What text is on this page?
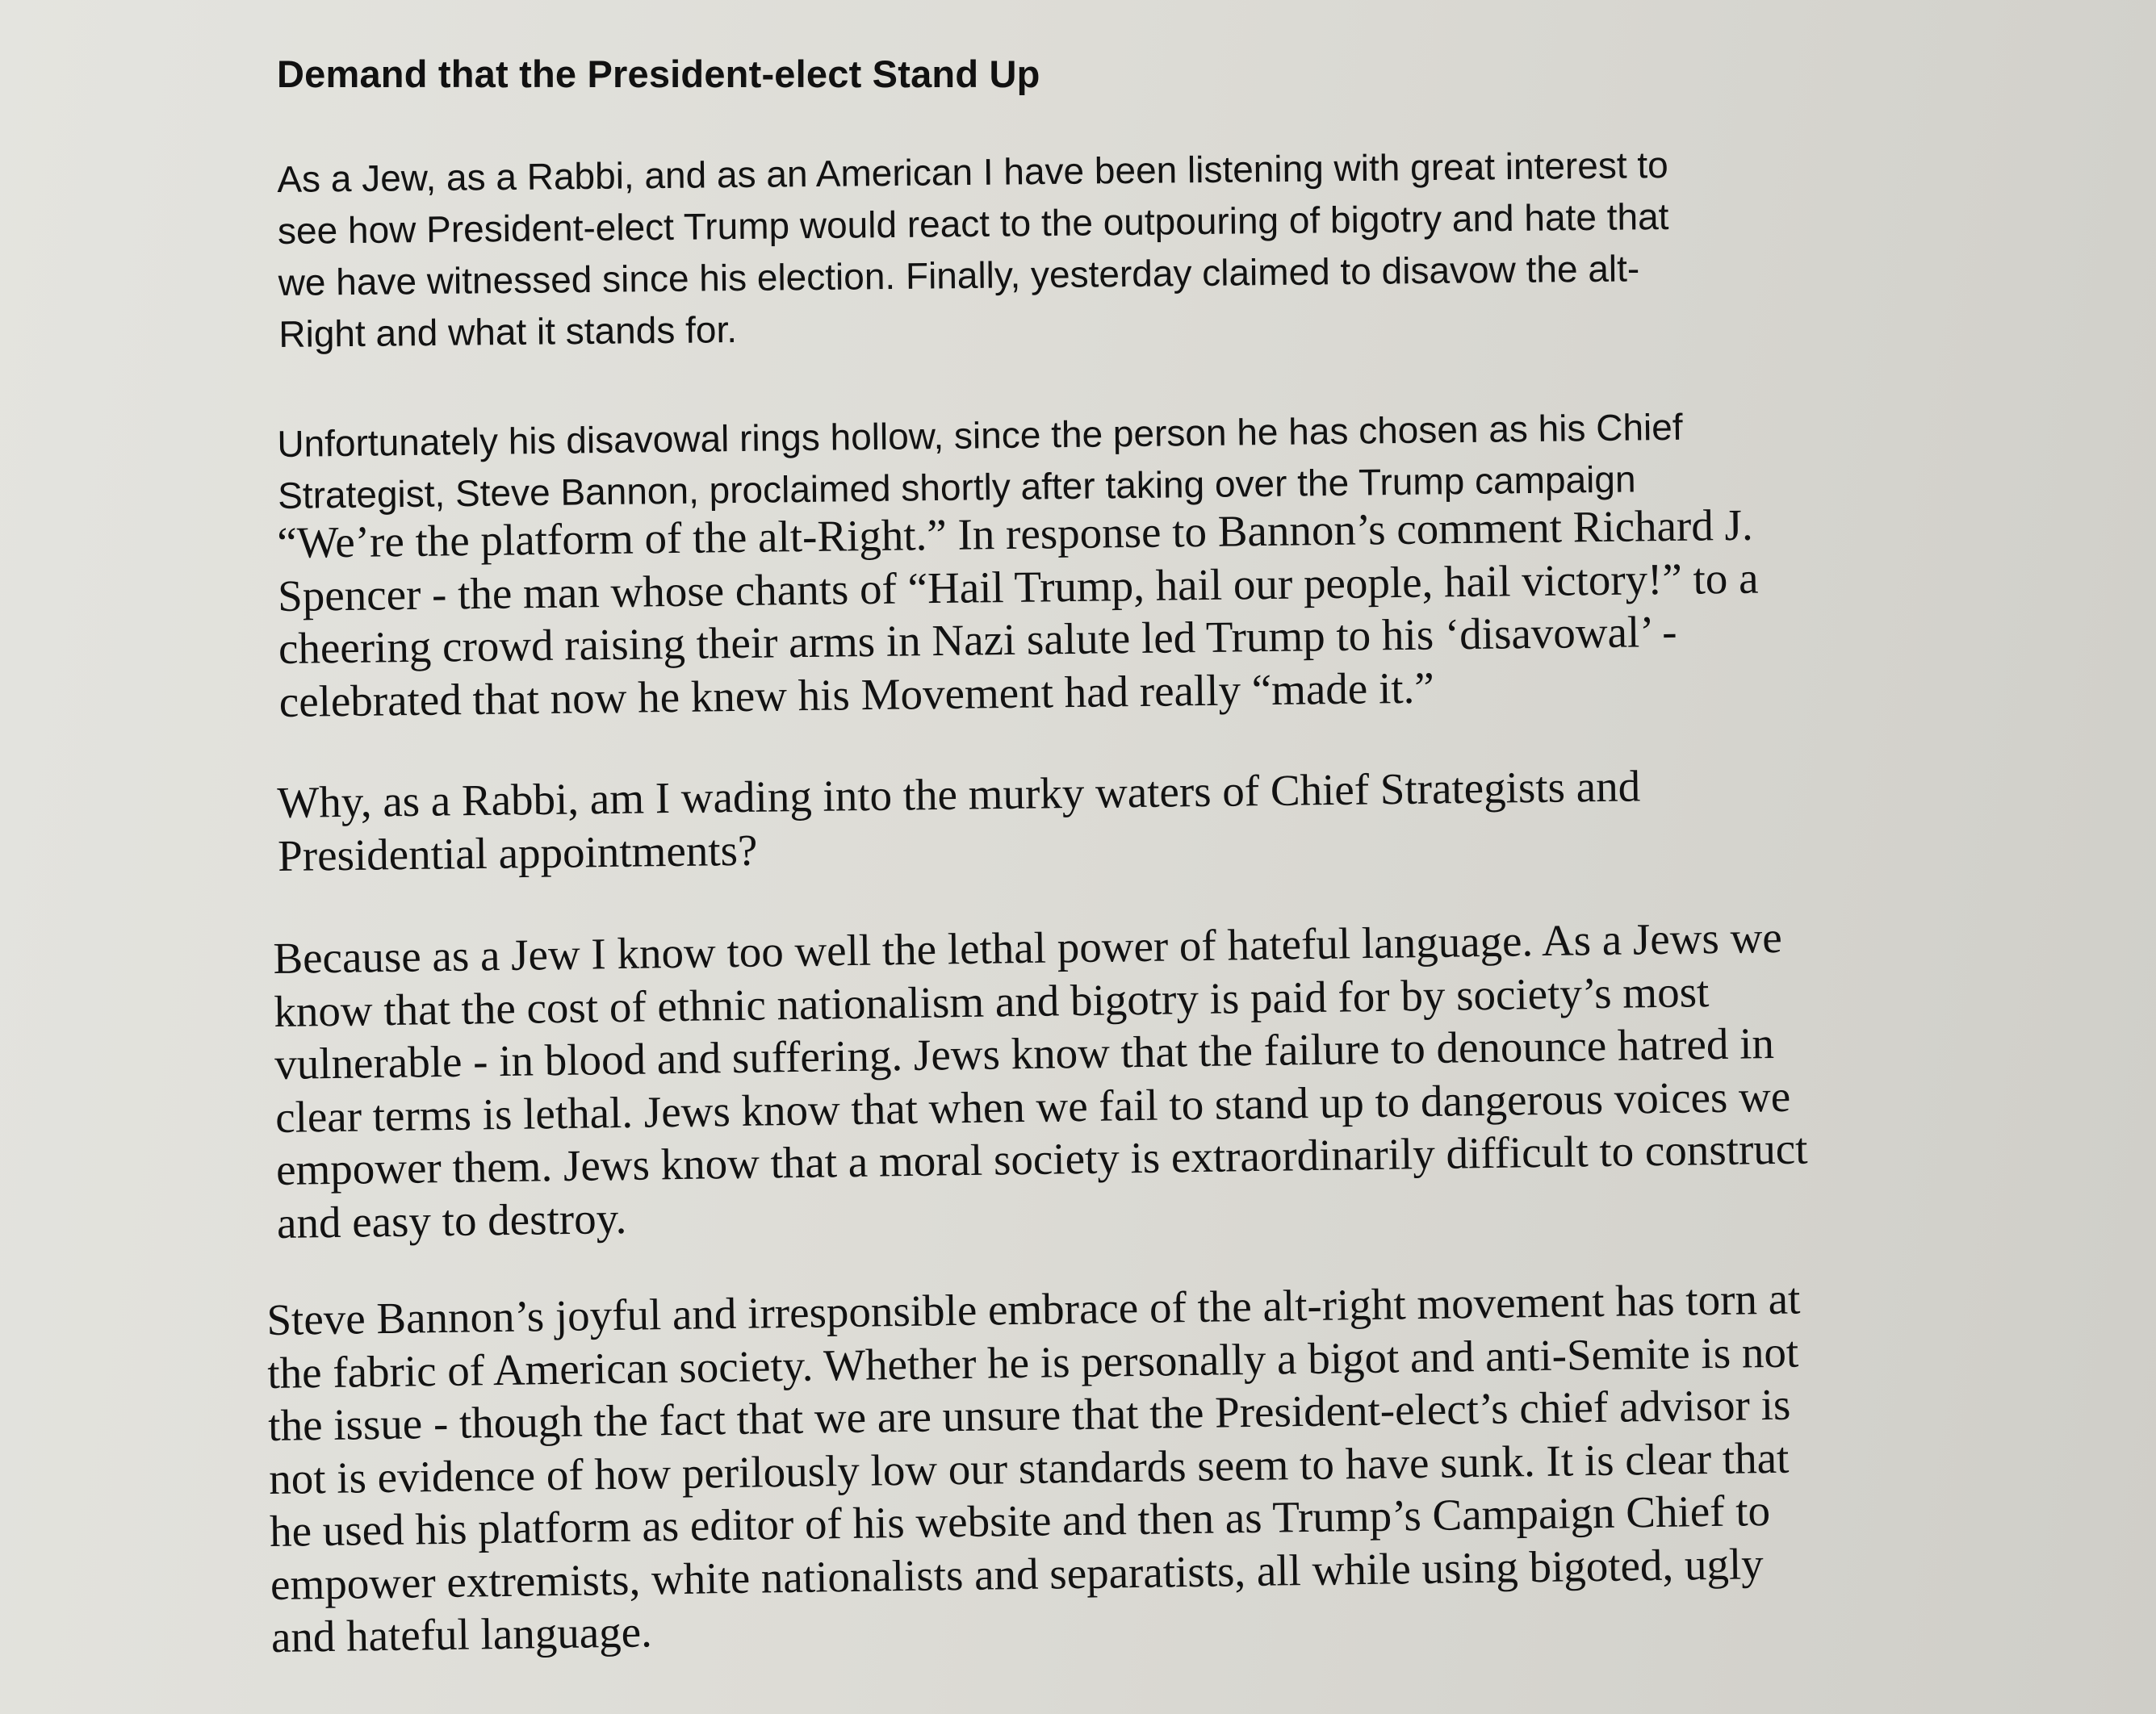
Demand that the President-elect Stand Up
As a Jew, as a Rabbi, and as an American I have been listening with great interest to
see how President-elect Trump would react to the outpouring of bigotry and hate that
we have witnessed since his election. Finally, yesterday claimed to disavow the alt-
Right and what it stands for.
Unfortunately his disavowal rings hollow, since the person he has chosen as his Chief
Strategist, Steve Bannon, proclaimed shortly after taking over the Trump campaign
“We’re the platform of the alt-Right.” In response to Bannon’s comment Richard J.
Spencer - the man whose chants of “Hail Trump, hail our people, hail victory!” to a
cheering crowd raising their arms in Nazi salute led Trump to his ‘disavowal’ -
celebrated that now he knew his Movement had really “made it.”
Why, as a Rabbi, am I wading into the murky waters of Chief Strategists and
Presidential appointments?
Because as a Jew I know too well the lethal power of hateful language. As a Jews we
know that the cost of ethnic nationalism and bigotry is paid for by society’s most
vulnerable - in blood and suffering. Jews know that the failure to denounce hatred in
clear terms is lethal. Jews know that when we fail to stand up to dangerous voices we
empower them. Jews know that a moral society is extraordinarily difficult to construct
and easy to destroy.
Steve Bannon’s joyful and irresponsible embrace of the alt-right movement has torn at
the fabric of American society. Whether he is personally a bigot and anti-Semite is not
the issue - though the fact that we are unsure that the President-elect’s chief advisor is
not is evidence of how perilously low our standards seem to have sunk. It is clear that
he used his platform as editor of his website and then as Trump’s Campaign Chief to
empower extremists, white nationalists and separatists, all while using bigoted, ugly
and hateful language.
